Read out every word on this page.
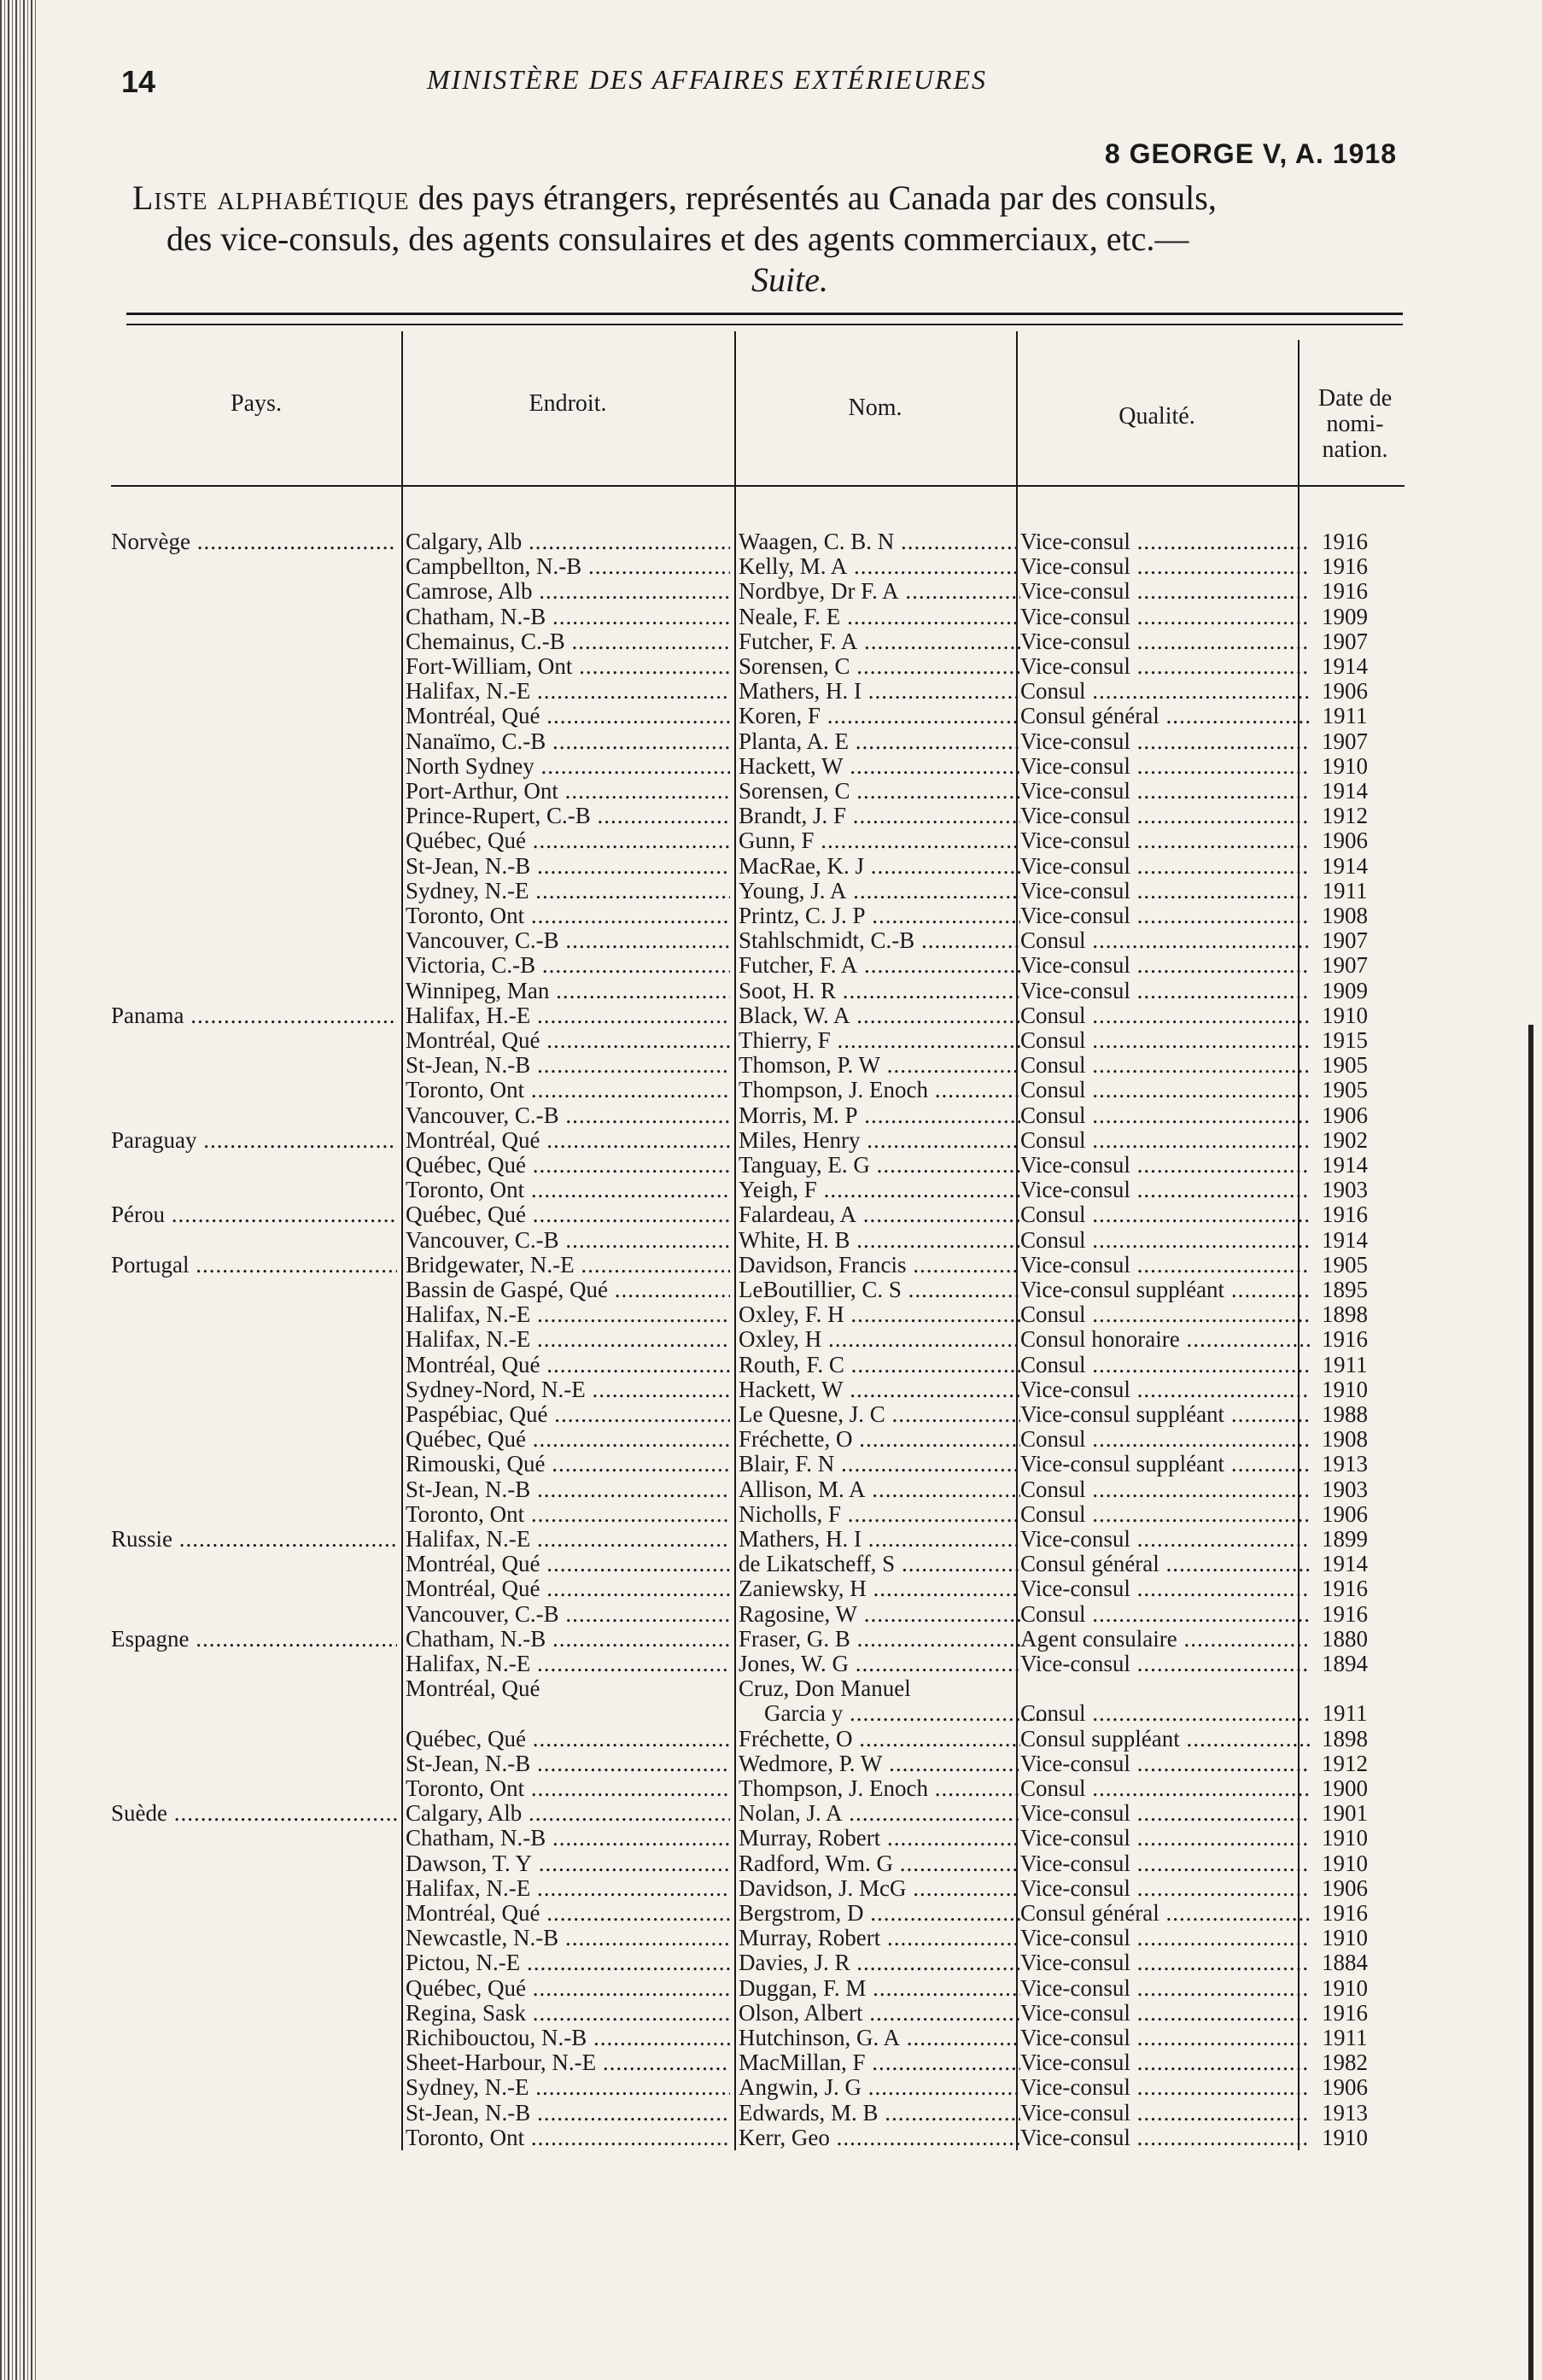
14	MINISTÈRE DES AFFAIRES EXTÉRIEURES
8 GEORGE V, A. 1918
Liste alphabétique des pays étrangers, représentés au Canada par des consuls,
des vice-consuls, des agents consulaires et des agents commerciaux, etc.—
Suite.
Pays.	Endroit.	Nom.	Qualité.
Date de
nomi-
nation.
Norvège .....	Calgary, Alb .....	Waagen, C. B. N .....	Vice-consul .....	1916
Campbellton, N.-B .....	Kelly, M. A .....	Vice-consul .....	1916
Camrose, Alb .....	Nordbye, Dr F. A .....	Vice-consul .....	1916
Chatham, N.-B .....	Neale, F. E .....	Vice-consul .....	1909
Chemainus, C.-B .....	Futcher, F. A .....	Vice-consul .....	1907
Fort-William, Ont .....	Sorensen, C .....	Vice-consul .....	1914
Halifax, N.-E .....	Mathers, H. I .....	Consul .....	1906
Montréal, Qué .....	Koren, F .....	Consul général .....	1911
Nanaïmo, C.-B .....	Planta, A. E .....	Vice-consul .....	1907
North Sydney .....	Hackett, W .....	Vice-consul .....	1910
Port-Arthur, Ont .....	Sorensen, C .....	Vice-consul .....	1914
Prince-Rupert, C.-B .....	Brandt, J. F .....	Vice-consul .....	1912
Québec, Qué .....	Gunn, F .....	Vice-consul .....	1906
St-Jean, N.-B .....	MacRae, K. J .....	Vice-consul .....	1914
Sydney, N.-E .....	Young, J. A .....	Vice-consul .....	1911
Toronto, Ont .....	Printz, C. J. P .....	Vice-consul .....	1908
Vancouver, C.-B .....	Stahlschmidt, C.-B .....	Consul .....	1907
Victoria, C.-B .....	Futcher, F. A .....	Vice-consul .....	1907
Winnipeg, Man .....	Soot, H. R .....	Vice-consul .....	1909
Panama .....	Halifax, H.-E .....	Black, W. A .....	Consul .....	1910
Montréal, Qué .....	Thierry, F .....	Consul .....	1915
St-Jean, N.-B .....	Thomson, P. W .....	Consul .....	1905
Toronto, Ont .....	Thompson, J. Enoch .....	Consul .....	1905
Vancouver, C.-B .....	Morris, M. P .....	Consul .....	1906
Paraguay .....	Montréal, Qué .....	Miles, Henry .....	Consul .....	1902
Québec, Qué .....	Tanguay, E. G .....	Vice-consul .....	1914
Toronto, Ont .....	Yeigh, F .....	Vice-consul .....	1903
Pérou .....	Québec, Qué .....	Falardeau, A .....	Consul .....	1916
Vancouver, C.-B .....	White, H. B .....	Consul .....	1914
Portugal .....	Bridgewater, N.-E .....	Davidson, Francis .....	Vice-consul .....	1905
Bassin de Gaspé, Qué .....	LeBoutillier, C. S .....	Vice-consul suppléant .....	1895
Halifax, N.-E .....	Oxley, F. H .....	Consul .....	1898
Halifax, N.-E .....	Oxley, H .....	Consul honoraire .....	1916
Montréal, Qué .....	Routh, F. C .....	Consul .....	1911
Sydney-Nord, N.-E .....	Hackett, W .....	Vice-consul .....	1910
Paspébiac, Qué .....	Le Quesne, J. C .....	Vice-consul suppléant .....	1988
Québec, Qué .....	Fréchette, O .....	Consul .....	1908
Rimouski, Qué .....	Blair, F. N .....	Vice-consul suppléant .....	1913
St-Jean, N.-B .....	Allison, M. A .....	Consul .....	1903
Toronto, Ont .....	Nicholls, F .....	Consul .....	1906
Russie .....	Halifax, N.-E .....	Mathers, H. I .....	Vice-consul .....	1899
Montréal, Qué .....	de Likatscheff, S .....	Consul général .....	1914
Montréal, Qué .....	Zaniewsky, H .....	Vice-consul .....	1916
Vancouver, C.-B .....	Ragosine, W .....	Consul .....	1916
Espagne .....	Chatham, N.-B .....	Fraser, G. B .....	Agent consulaire .....	1880
Halifax, N.-E .....	Jones, W. G .....	Vice-consul .....	1894
Montréal, Qué	Cruz, Don Manuel
Garcia y .....	Consul .....	1911
Québec, Qué .....	Fréchette, O .....	Consul suppléant .....	1898
St-Jean, N.-B .....	Wedmore, P. W .....	Vice-consul .....	1912
Toronto, Ont .....	Thompson, J. Enoch .....	Consul .....	1900
Suède .....	Calgary, Alb .....	Nolan, J. A .....	Vice-consul .....	1901
Chatham, N.-B .....	Murray, Robert .....	Vice-consul .....	1910
Dawson, T. Y .....	Radford, Wm. G .....	Vice-consul .....	1910
Halifax, N.-E .....	Davidson, J. McG .....	Vice-consul .....	1906
Montréal, Qué .....	Bergstrom, D .....	Consul général .....	1916
Newcastle, N.-B .....	Murray, Robert .....	Vice-consul .....	1910
Pictou, N.-E .....	Davies, J. R .....	Vice-consul .....	1884
Québec, Qué .....	Duggan, F. M .....	Vice-consul .....	1910
Regina, Sask .....	Olson, Albert .....	Vice-consul .....	1916
Richibouctou, N.-B .....	Hutchinson, G. A .....	Vice-consul .....	1911
Sheet-Harbour, N.-E .....	MacMillan, F .....	Vice-consul .....	1982
Sydney, N.-E .....	Angwin, J. G .....	Vice-consul .....	1906
St-Jean, N.-B .....	Edwards, M. B .....	Vice-consul .....	1913
Toronto, Ont .....	Kerr, Geo .....	Vice-consul .....	1910
